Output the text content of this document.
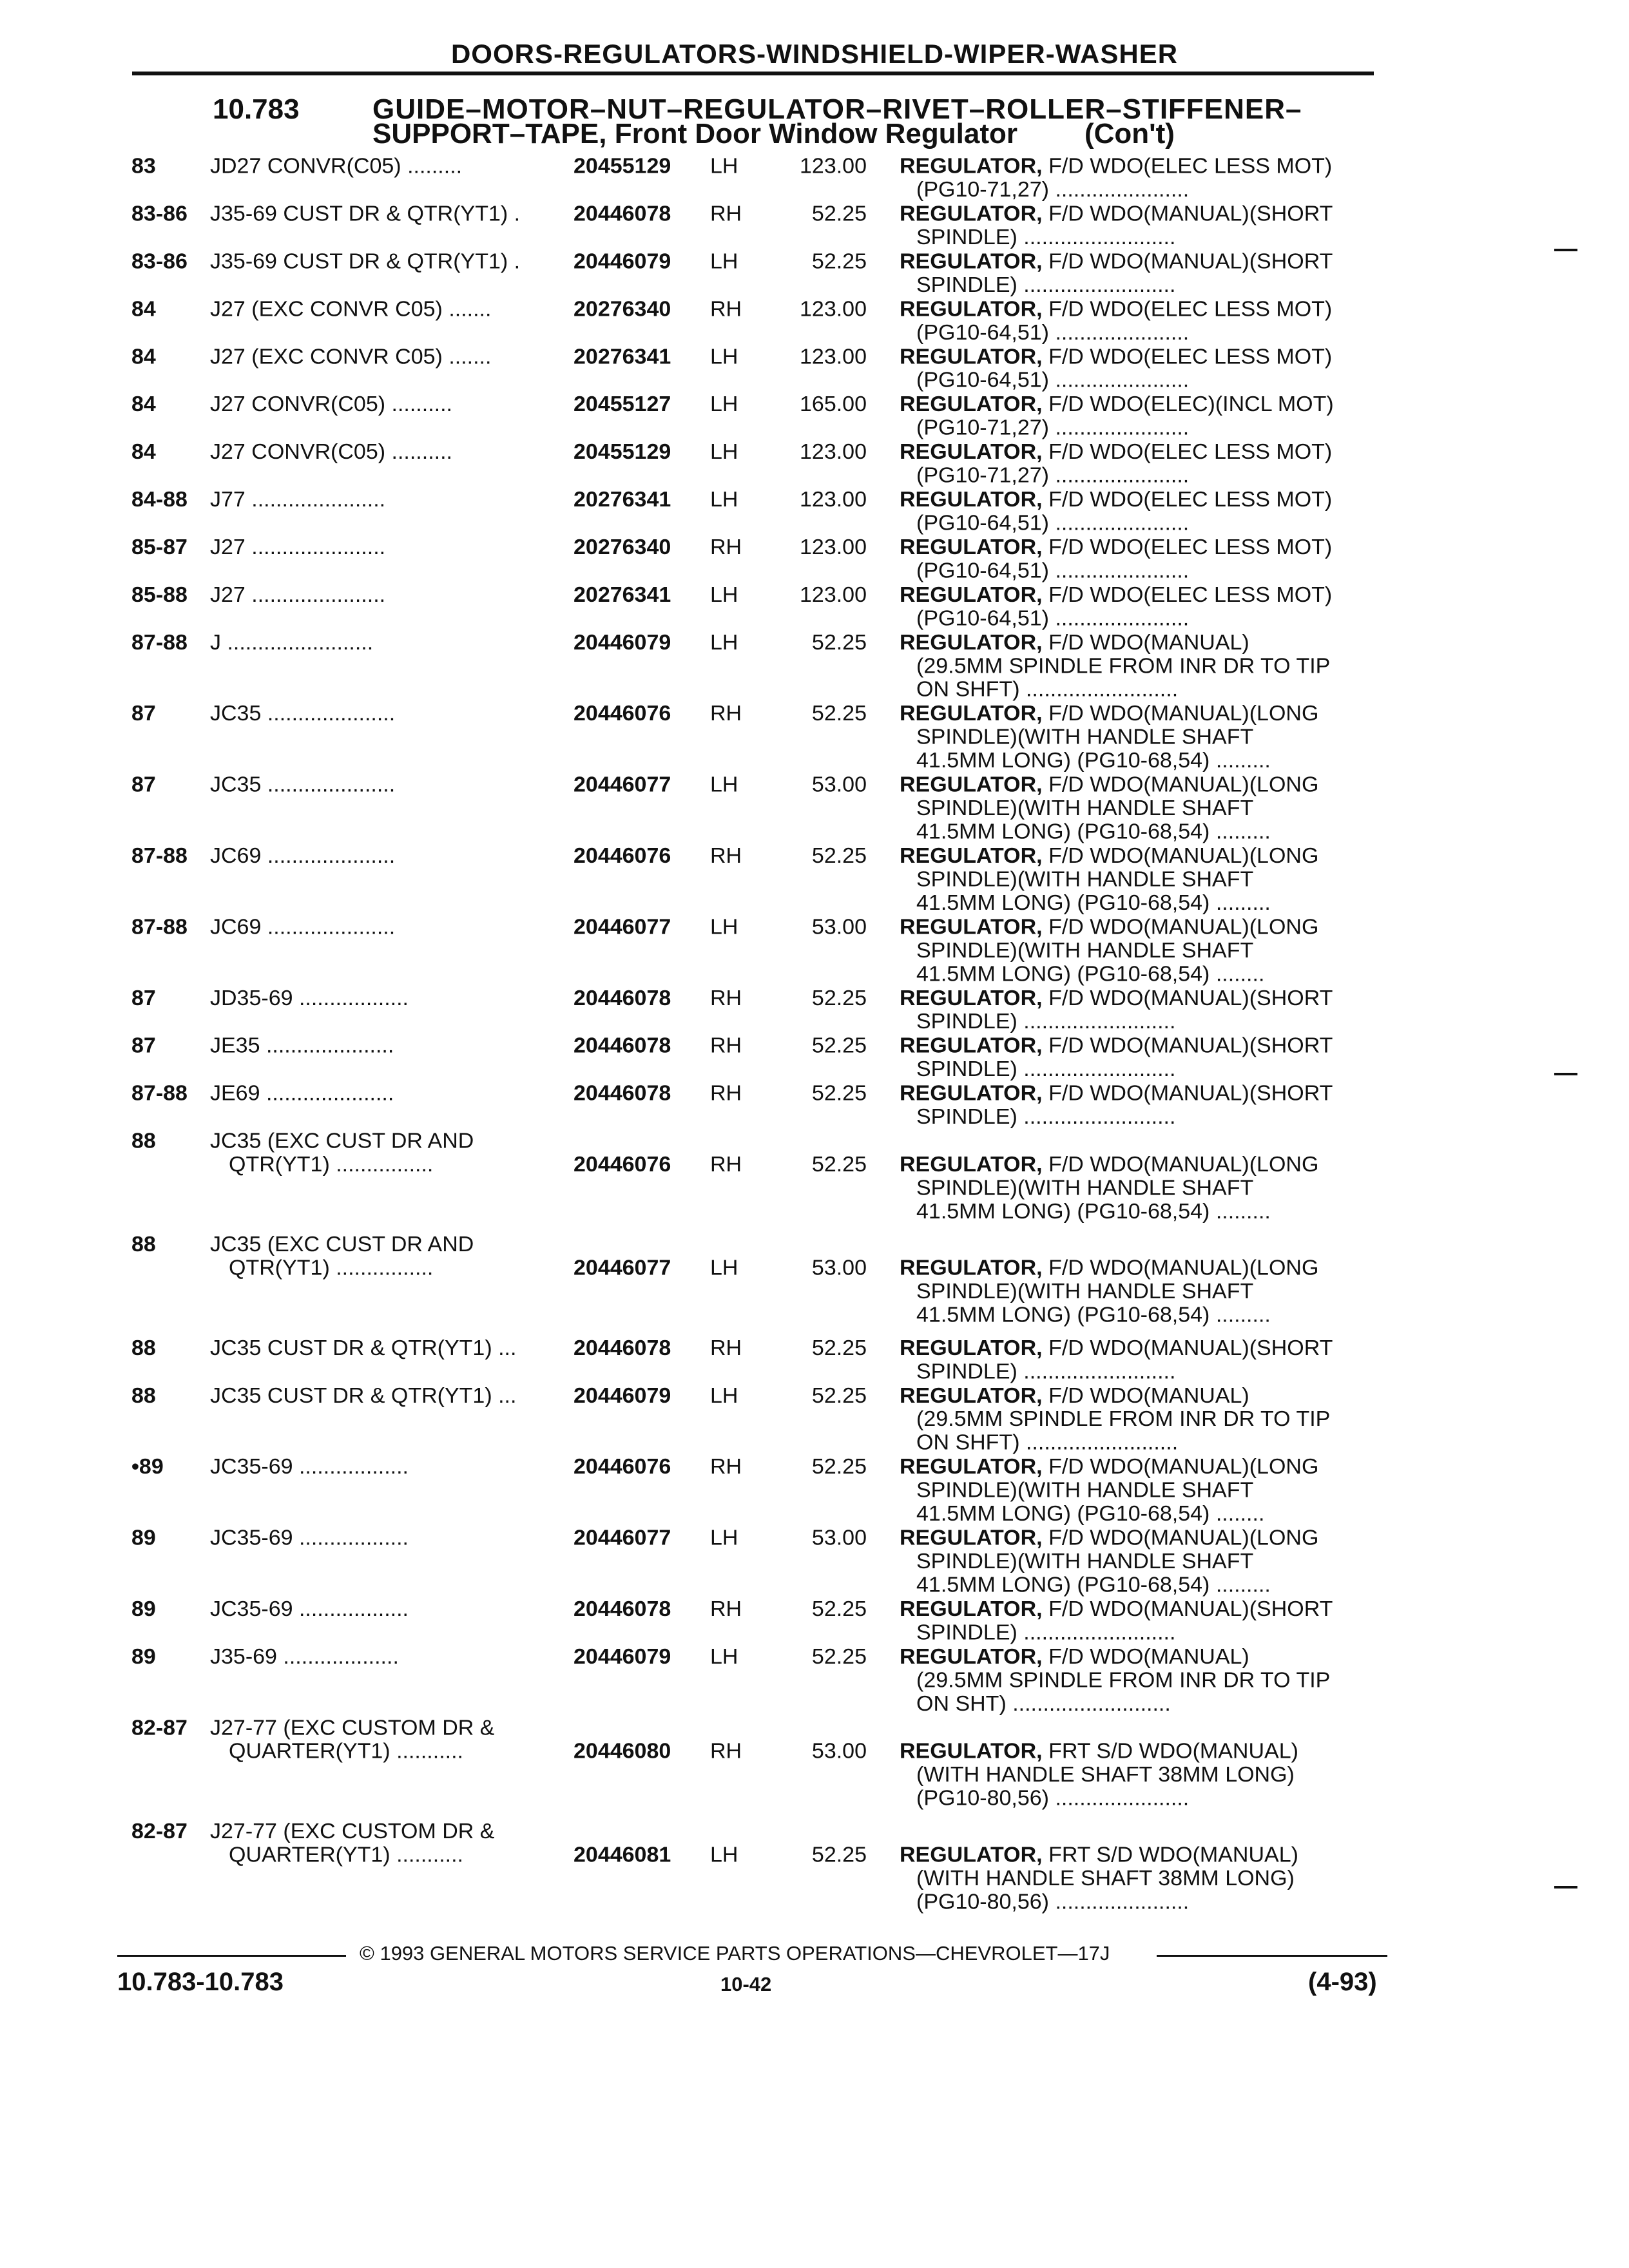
DOORS-REGULATORS-WINDSHIELD-WIPER-WASHER
10.783	GUIDE–MOTOR–NUT–REGULATOR–RIVET–ROLLER–STIFFENER–
SUPPORT–TAPE, Front Door Window Regulator (Con't)
83 JD27 CONVR(C05) .........	20455129 LH	123.00 REGULATOR, F/D WDO(ELEC LESS MOT)
(PG10-71,27) ......................
83-86 J35-69 CUST DR & QTR(YT1) . 20446078 RH	52.25 REGULATOR, F/D WDO(MANUAL)(SHORT
SPINDLE) .........................
83-86 J35-69 CUST DR & QTR(YT1) . 20446079 LH	52.25 REGULATOR, F/D WDO(MANUAL)(SHORT
SPINDLE) .........................
84 J27 (EXC CONVR C05) .......	20276340 RH	123.00 REGULATOR, F/D WDO(ELEC LESS MOT)
(PG10-64,51) ......................
84 J27 (EXC CONVR C05) .......	20276341 LH	123.00 REGULATOR, F/D WDO(ELEC LESS MOT)
(PG10-64,51) ......................
84 J27 CONVR(C05) ..........	20455127 LH	165.00 REGULATOR, F/D WDO(ELEC)(INCL MOT)
(PG10-71,27) ......................
84 J27 CONVR(C05) ..........	20455129 LH	123.00 REGULATOR, F/D WDO(ELEC LESS MOT)
(PG10-71,27) ......................
84-88 J77 ......................	20276341 LH	123.00 REGULATOR, F/D WDO(ELEC LESS MOT)
(PG10-64,51) ......................
85-87 J27 ......................	20276340 RH	123.00 REGULATOR, F/D WDO(ELEC LESS MOT)
(PG10-64,51) ......................
85-88 J27 ......................	20276341 LH	123.00 REGULATOR, F/D WDO(ELEC LESS MOT)
(PG10-64,51) ......................
87-88 J ........................	20446079 LH	52.25 REGULATOR, F/D WDO(MANUAL)
(29.5MM SPINDLE FROM INR DR TO TIP
ON SHFT) .........................
87 JC35 .....................	20446076 RH	52.25 REGULATOR, F/D WDO(MANUAL)(LONG
SPINDLE)(WITH HANDLE SHAFT
41.5MM LONG) (PG10-68,54) .........
87 JC35 .....................	20446077 LH	53.00 REGULATOR, F/D WDO(MANUAL)(LONG
SPINDLE)(WITH HANDLE SHAFT
41.5MM LONG) (PG10-68,54) .........
87-88 JC69 .....................	20446076 RH	52.25 REGULATOR, F/D WDO(MANUAL)(LONG
SPINDLE)(WITH HANDLE SHAFT
41.5MM LONG) (PG10-68,54) .........
87-88 JC69 .....................	20446077 LH	53.00 REGULATOR, F/D WDO(MANUAL)(LONG
SPINDLE)(WITH HANDLE SHAFT
41.5MM LONG) (PG10-68,54) ........
87 JD35-69 ..................	20446078 RH	52.25 REGULATOR, F/D WDO(MANUAL)(SHORT
SPINDLE) .........................
87 JE35 .....................	20446078 RH	52.25 REGULATOR, F/D WDO(MANUAL)(SHORT
SPINDLE) .........................
87-88 JE69 .....................	20446078 RH	52.25 REGULATOR, F/D WDO(MANUAL)(SHORT
SPINDLE) .........................
88 JC35 (EXC CUST DR AND
QTR(YT1) ................	20446076 RH	52.25 REGULATOR, F/D WDO(MANUAL)(LONG
SPINDLE)(WITH HANDLE SHAFT
41.5MM LONG) (PG10-68,54) .........
88 JC35 (EXC CUST DR AND
QTR(YT1) ................	20446077 LH	53.00 REGULATOR, F/D WDO(MANUAL)(LONG
SPINDLE)(WITH HANDLE SHAFT
41.5MM LONG) (PG10-68,54) .........
88 JC35 CUST DR & QTR(YT1) ...	20446078 RH	52.25 REGULATOR, F/D WDO(MANUAL)(SHORT
SPINDLE) .........................
88 JC35 CUST DR & QTR(YT1) ...	20446079 LH	52.25 REGULATOR, F/D WDO(MANUAL)
(29.5MM SPINDLE FROM INR DR TO TIP
ON SHFT) .........................
•89 JC35-69 ..................	20446076 RH	52.25 REGULATOR, F/D WDO(MANUAL)(LONG
SPINDLE)(WITH HANDLE SHAFT
41.5MM LONG) (PG10-68,54) ........
89 JC35-69 ..................	20446077 LH	53.00 REGULATOR, F/D WDO(MANUAL)(LONG
SPINDLE)(WITH HANDLE SHAFT
41.5MM LONG) (PG10-68,54) .........
89 JC35-69 ..................	20446078 RH	52.25 REGULATOR, F/D WDO(MANUAL)(SHORT
SPINDLE) .........................
89 J35-69 ...................	20446079 LH	52.25 REGULATOR, F/D WDO(MANUAL)
(29.5MM SPINDLE FROM INR DR TO TIP
ON SHT) ..........................
82-87 J27-77 (EXC CUSTOM DR &
QUARTER(YT1) ...........	20446080 RH	53.00 REGULATOR, FRT S/D WDO(MANUAL)
(WITH HANDLE SHAFT 38MM LONG)
(PG10-80,56) ......................
82-87 J27-77 (EXC CUSTOM DR &
QUARTER(YT1) ...........	20446081 LH	52.25 REGULATOR, FRT S/D WDO(MANUAL)
(WITH HANDLE SHAFT 38MM LONG)
(PG10-80,56) ......................
© 1993 GENERAL MOTORS SERVICE PARTS OPERATIONS—CHEVROLET—17J
10.783-10.783	10-42	(4-93)
